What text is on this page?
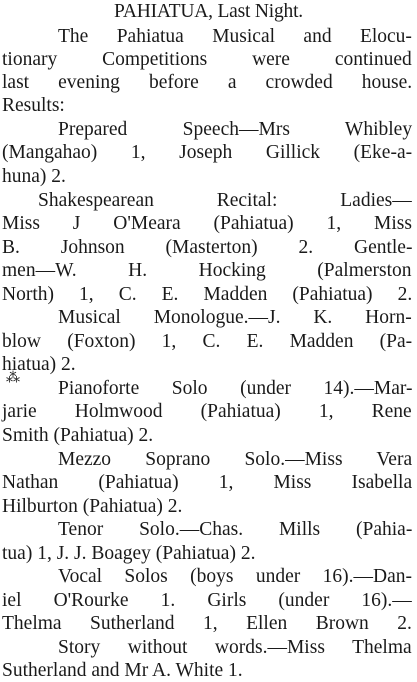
PAHIATUA, Last Night.
The Pahiatua Musical and Elocu-
tionary Competitions were continued
last evening before a crowded house.
Results:
Prepared Speech—Mrs Whibley
(Mangahao) 1, Joseph Gillick (Eke-a-
huna) 2.
Shakespearean Recital: Ladies—
Miss J O'Meara (Pahiatua) 1, Miss
B. Johnson (Masterton) 2. Gentle-
men—W. H. Hocking (Palmerston
North) 1, C. E. Madden (Pahiatua) 2.
Musical Monologue.—J. K. Horn-
blow (Foxton) 1, C. E. Madden (Pa-
hiatua) 2.
⁂ Pianoforte Solo (under 14).—Mar-
jarie Holmwood (Pahiatua) 1, Rene
Smith (Pahiatua) 2.
Mezzo Soprano Solo.—Miss Vera
Nathan (Pahiatua) 1, Miss Isabella
Hilburton (Pahiatua) 2.
Tenor Solo.—Chas. Mills (Pahia-
tua) 1, J. J. Boagey (Pahiatua) 2.
Vocal Solos (boys under 16).—Dan-
iel O'Rourke 1. Girls (under 16).—
Thelma Sutherland 1, Ellen Brown 2.
Story without words.—Miss Thelma
Sutherland and Mr A. White 1.
